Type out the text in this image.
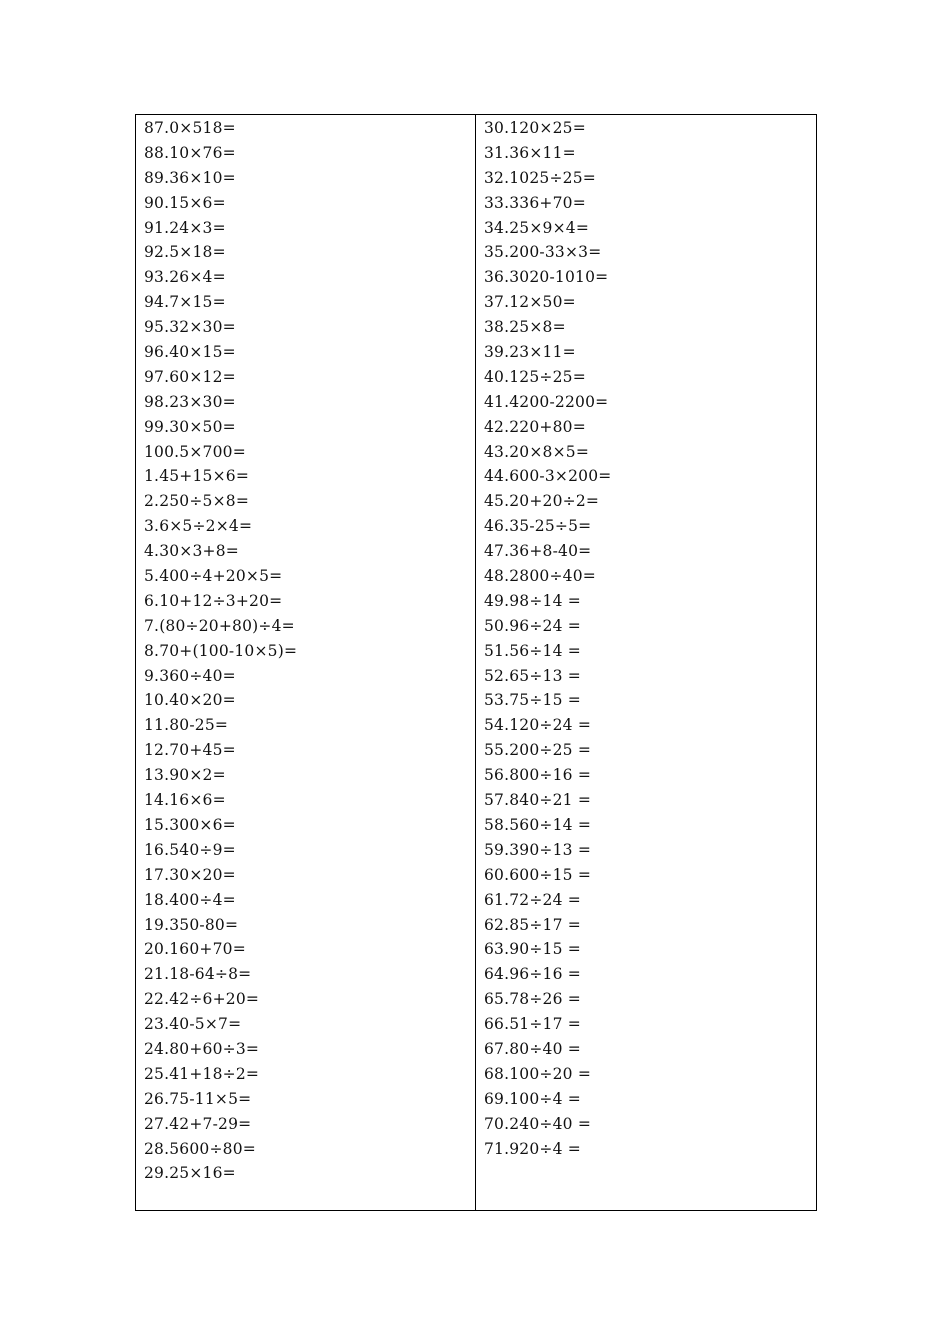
87.0×518=
88.10×76=
89.36×10=
90.15×6=
91.24×3=
92.5×18=
93.26×4=
94.7×15=
95.32×30=
96.40×15=
97.60×12=
98.23×30=
99.30×50=
100.5×700=
1.45+15×6=
2.250÷5×8=
3.6×5÷2×4=
4.30×3+8=
5.400÷4+20×5=
6.10+12÷3+20=
7.(80÷20+80)÷4=
8.70+(100-10×5)=
9.360÷40=
10.40×20=
11.80-25=
12.70+45=
13.90×2=
14.16×6=
15.300×6=
16.540÷9=
17.30×20=
18.400÷4=
19.350-80=
20.160+70=
21.18-64÷8=
22.42÷6+20=
23.40-5×7=
24.80+60÷3=
25.41+18÷2=
26.75-11×5=
27.42+7-29=
28.5600÷80=
29.25×16=
30.120×25=
31.36×11=
32.1025÷25=
33.336+70=
34.25×9×4=
35.200-33×3=
36.3020-1010=
37.12×50=
38.25×8=
39.23×11=
40.125÷25=
41.4200-2200=
42.220+80=
43.20×8×5=
44.600-3×200=
45.20+20÷2=
46.35-25÷5=
47.36+8-40=
48.2800÷40=
49.98÷14 =
50.96÷24 =
51.56÷14 =
52.65÷13 =
53.75÷15 =
54.120÷24 =
55.200÷25 =
56.800÷16 =
57.840÷21 =
58.560÷14 =
59.390÷13 =
60.600÷15 =
61.72÷24 =
62.85÷17 =
63.90÷15 =
64.96÷16 =
65.78÷26 =
66.51÷17 =
67.80÷40 =
68.100÷20 =
69.100÷4 =
70.240÷40 =
71.920÷4 =
